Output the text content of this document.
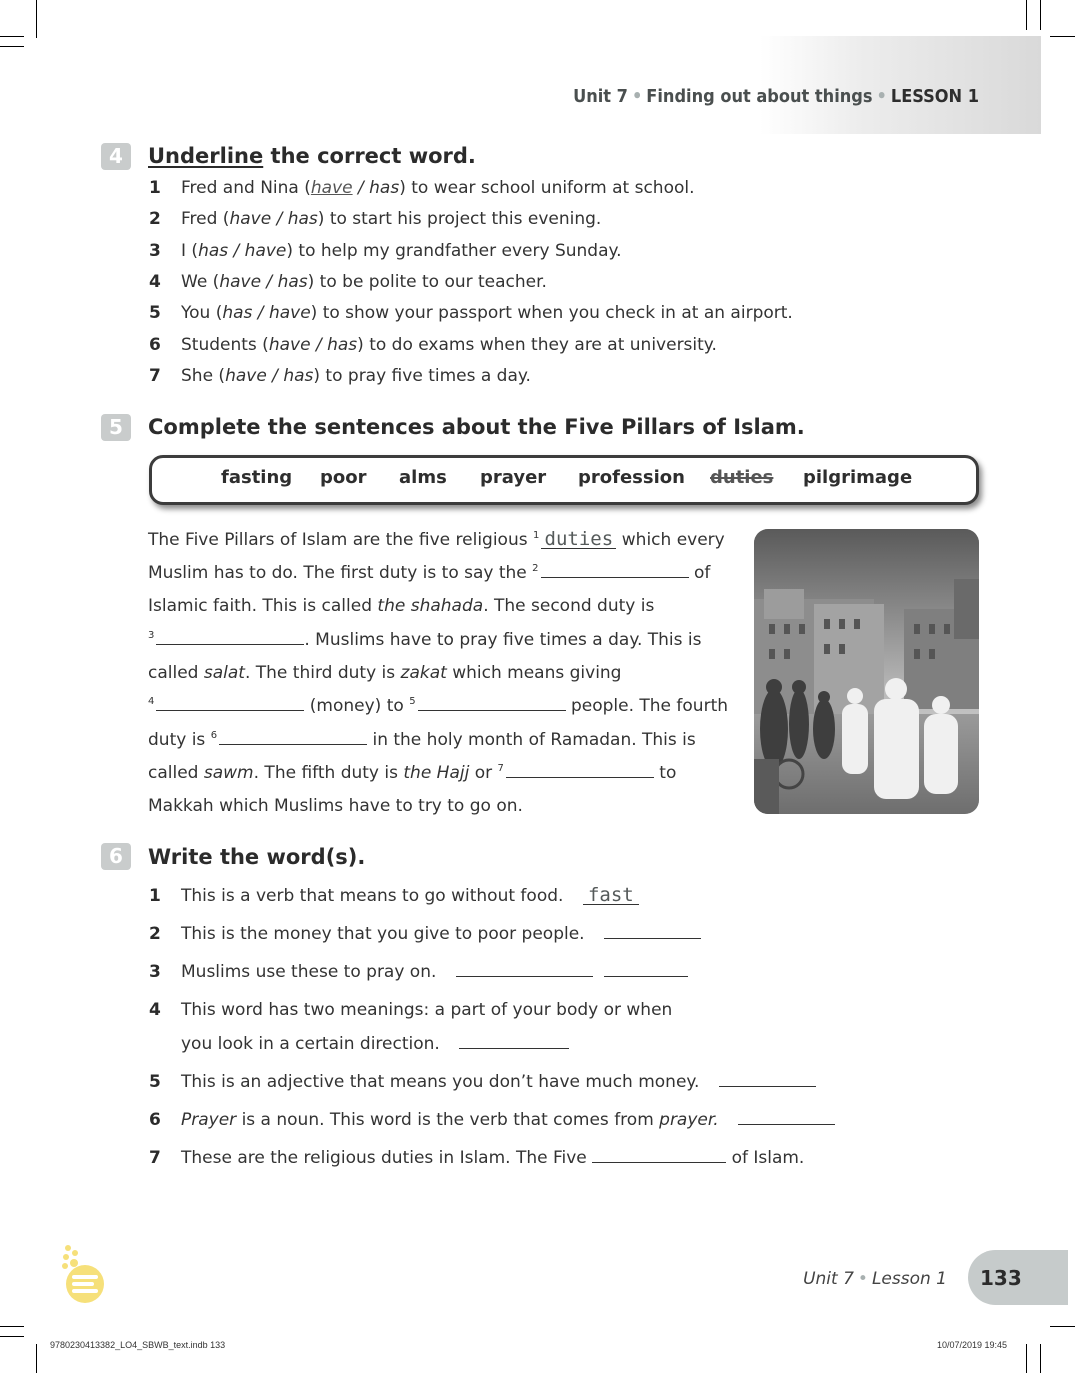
Unit 7 • Finding out about things • LESSON 1
4	Underline the correct word.
1 Fred and Nina (have / has) to wear school uniform at school.
2 Fred (have / has) to start his project this evening.
3 I (has / have) to help my grandfather every Sunday.
4 We (have / has) to be polite to our teacher.
5 You (has / have) to show your passport when you check in at an airport.
6 Students (have / has) to do exams when they are at university.
7 She (have / has) to pray five times a day.
5	Complete the sentences about the Five Pillars of Islam.
fasting poor alms prayer profession duties pilgrimage
The Five Pillars of Islam are the five religious $^1$ duties which every
Muslim has to do. The first duty is to say the $^2$	of
Islamic faith. This is called the shahada. The second duty is
$^3$	. Muslims have to pray five times a day. This is
called salat. The third duty is zakat which means giving
$^4$	(money) to $^5$	people. The fourth
duty is $^6$	in the holy month of Ramadan. This is
called sawm. The fifth duty is the Hajj or $^7$	to
Makkah which Muslims have to try to go on.
6	Write the word(s).
1 This is a verb that means to go without food. fast
2 This is the money that you give to poor people.
3 Muslims use these to pray on.
4 This word has two meanings: a part of your body or when
you look in a certain direction.
5 This is an adjective that means you don’t have much money.
6 Prayer is a noun. This word is the verb that comes from prayer.
7 These are the religious duties in Islam. The Five	of Islam.
Unit 7 • Lesson 1 133
9780230413382_LO4_SBWB_text.indb 133	10/07/2019 19:45
